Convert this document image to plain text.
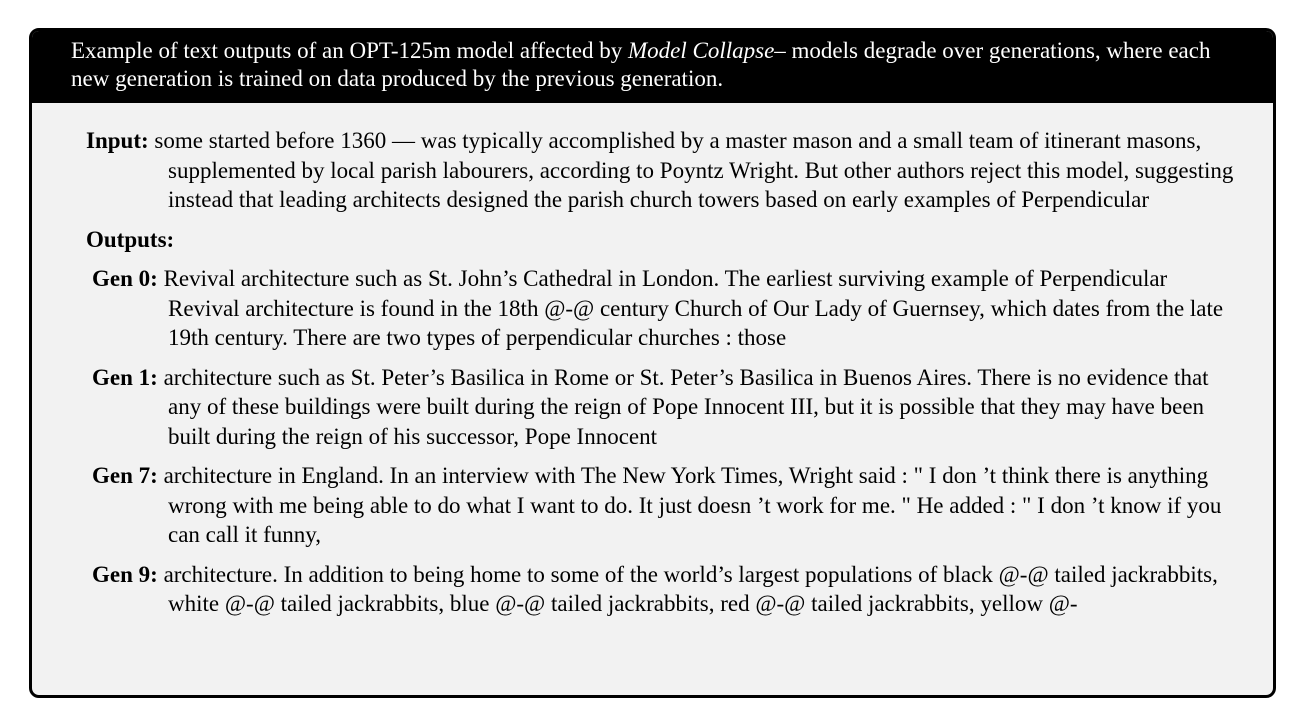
Example of text outputs of an OPT-125m model affected by Model Collapse– models degrade over generations, where each new generation is trained on data produced by the previous generation.
Input: some started before 1360 — was typically accomplished by a master mason and a small team of itinerant masons, supplemented by local parish labourers, according to Poyntz Wright. But other authors reject this model, suggesting instead that leading architects designed the parish church towers based on early examples of Perpendicular
Outputs:
Gen 0: Revival architecture such as St. John’s Cathedral in London. The earliest surviving example of Perpendicular Revival architecture is found in the 18th @-@ century Church of Our Lady of Guernsey, which dates from the late 19th century. There are two types of perpendicular churches : those
Gen 1: architecture such as St. Peter’s Basilica in Rome or St. Peter’s Basilica in Buenos Aires. There is no evidence that any of these buildings were built during the reign of Pope Innocent III, but it is possible that they may have been built during the reign of his successor, Pope Innocent
Gen 7: architecture in England. In an interview with The New York Times, Wright said : " I don ’t think there is anything wrong with me being able to do what I want to do. It just doesn ’t work for me. " He added : " I don ’t know if you can call it funny,
Gen 9: architecture. In addition to being home to some of the world’s largest populations of black @-@ tailed jackrabbits, white @-@ tailed jackrabbits, blue @-@ tailed jackrabbits, red @-@ tailed jackrabbits, yellow @-
